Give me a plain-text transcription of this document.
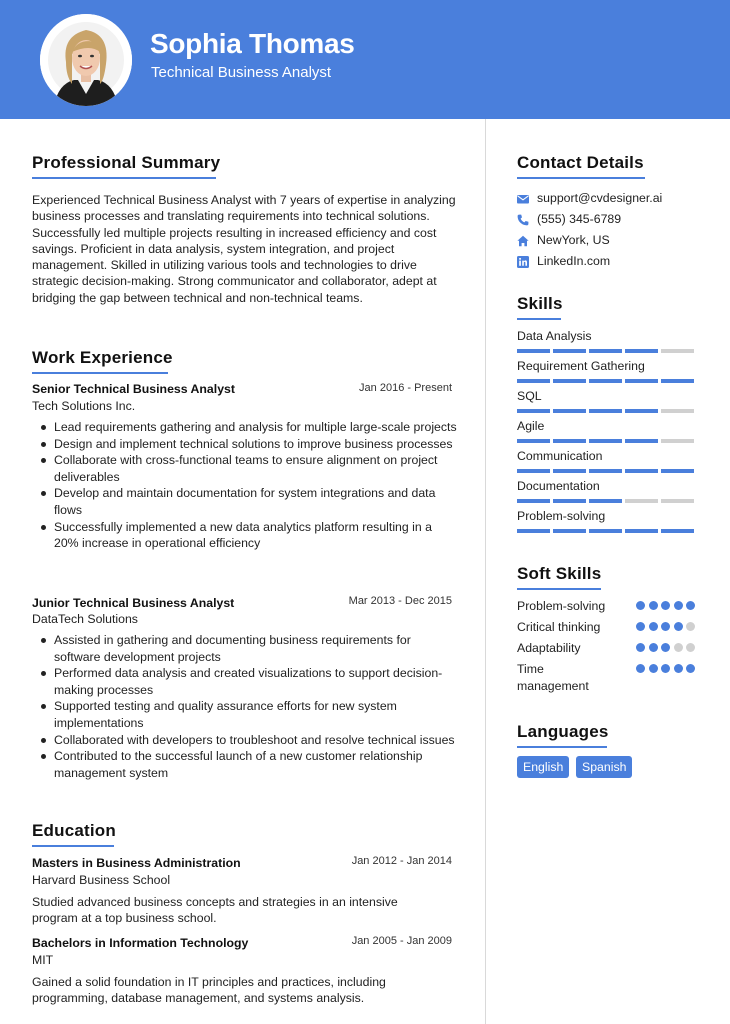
Sophia Thomas
Technical Business Analyst
Professional Summary
Experienced Technical Business Analyst with 7 years of expertise in analyzing business processes and translating requirements into technical solutions. Successfully led multiple projects resulting in increased efficiency and cost savings. Proficient in data analysis, system integration, and project management. Skilled in utilizing various tools and technologies to drive strategic decision-making. Strong communicator and collaborator, adept at bridging the gap between technical and non-technical teams.
Work Experience
Senior Technical Business Analyst	Jan 2016 - Present
Tech Solutions Inc.
Lead requirements gathering and analysis for multiple large-scale projects
Design and implement technical solutions to improve business processes
Collaborate with cross-functional teams to ensure alignment on project deliverables
Develop and maintain documentation for system integrations and data flows
Successfully implemented a new data analytics platform resulting in a 20% increase in operational efficiency
Junior Technical Business Analyst	Mar 2013 - Dec 2015
DataTech Solutions
Assisted in gathering and documenting business requirements for software development projects
Performed data analysis and created visualizations to support decision-making processes
Supported testing and quality assurance efforts for new system implementations
Collaborated with developers to troubleshoot and resolve technical issues
Contributed to the successful launch of a new customer relationship management system
Education
Masters in Business Administration	Jan 2012 - Jan 2014
Harvard Business School
Studied advanced business concepts and strategies in an intensive program at a top business school.
Bachelors in Information Technology	Jan 2005 - Jan 2009
MIT
Gained a solid foundation in IT principles and practices, including programming, database management, and systems analysis.
Contact Details
support@cvdesigner.ai
(555) 345-6789
NewYork, US
LinkedIn.com
Skills
Data Analysis
Requirement Gathering
SQL
Agile
Communication
Documentation
Problem-solving
Soft Skills
Problem-solving
Critical thinking
Adaptability
Time management
Languages
English	Spanish
